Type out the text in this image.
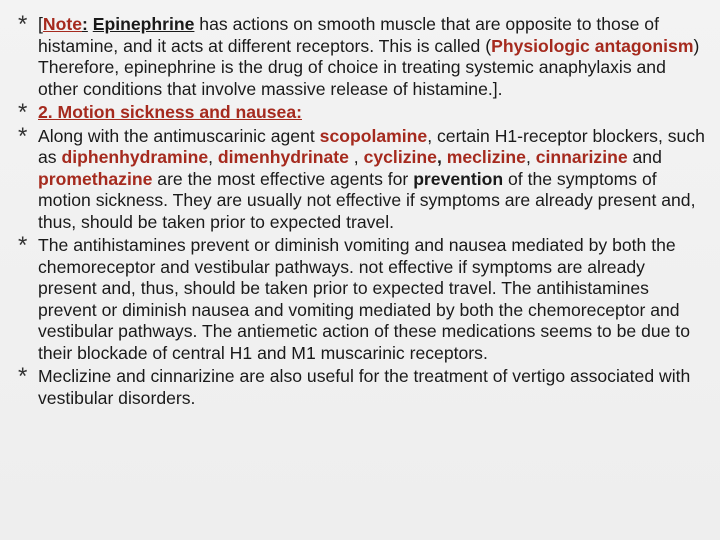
* [Note: Epinephrine has actions on smooth muscle that are opposite to those of histamine, and it acts at different receptors. This is called (Physiologic antagonism) Therefore, epinephrine is the drug of choice in treating systemic anaphylaxis and other conditions that involve massive release of histamine.].
* 2. Motion sickness and nausea:
* Along with the antimuscarinic agent scopolamine, certain H1-receptor blockers, such as diphenhydramine, dimenhydrinate , cyclizine, meclizine, cinnarizine and promethazine are the most effective agents for prevention of the symptoms of motion sickness. They are usually not effective if symptoms are already present and, thus, should be taken prior to expected travel.
* The antihistamines prevent or diminish vomiting and nausea mediated by both the chemoreceptor and vestibular pathways. not effective if symptoms are already present and, thus, should be taken prior to expected travel. The antihistamines prevent or diminish nausea and vomiting mediated by both the chemoreceptor and vestibular pathways. The antiemetic action of these medications seems to be due to their blockade of central H1 and M1 muscarinic receptors.
* Meclizine and cinnarizine are also useful for the treatment of vertigo associated with vestibular disorders.
